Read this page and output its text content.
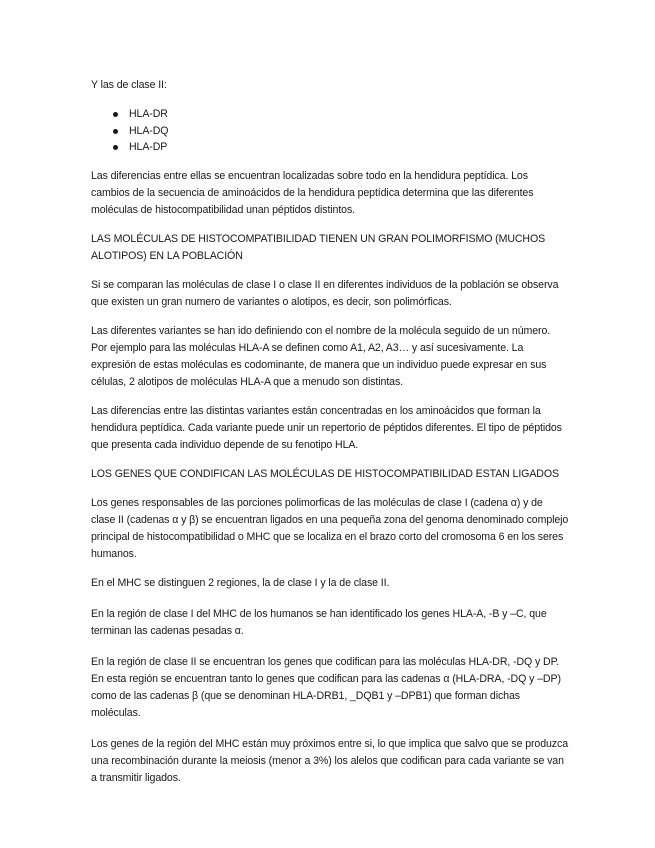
Y las de clase II:

HLA-DR
HLA-DQ
HLA-DP

Las diferencias entre ellas se encuentran localizadas sobre todo en la hendidura peptídica. Los cambios de la secuencia de aminoácidos de la hendidura peptídica determina que las diferentes moléculas de histocompatibilidad unan péptidos distintos.

LAS MOLÉCULAS DE HISTOCOMPATIBILIDAD TIENEN UN GRAN POLIMORFISMO (MUCHOS ALOTIPOS) EN LA POBLACIÓN

Si se comparan las moléculas de clase I o clase II en diferentes individuos de la población se observa que existen un gran numero de variantes o alotipos, es decir, son polimórficas.

Las diferentes variantes se han ido definiendo con el nombre de la molécula seguido de un número. Por ejemplo para las moléculas HLA-A se definen como A1, A2, A3… y así sucesivamente. La expresión de estas moléculas es codominante, de manera que un individuo puede expresar en sus células, 2 alotipos de moléculas HLA-A que a menudo son distintas.

Las diferencias entre las distintas variantes están concentradas en los aminoácidos que forman la hendidura peptídica. Cada variante puede unir un repertorio de péptidos diferentes. El tipo de péptidos que presenta cada individuo depende de su fenotipo HLA.

LOS GENES QUE CONDIFICAN LAS MOLÉCULAS DE HISTOCOMPATIBILIDAD ESTAN LIGADOS

Los genes responsables de las porciones polimorficas de las moléculas de clase I (cadena α) y de clase II (cadenas α y β) se encuentran ligados en una pequeña zona del genoma denominado complejo principal de histocompatibilidad o MHC que se localiza en el brazo corto del cromosoma 6 en los seres humanos.

En el MHC se distinguen 2 regiones, la de clase I y la de clase II.

En la región de clase I del MHC de los humanos se han identificado los genes HLA-A, -B y –C, que terminan las cadenas pesadas α.

En la región de clase II se encuentran los genes que codifican para las moléculas HLA-DR, -DQ y DP. En esta región se encuentran tanto lo genes que codifican para las cadenas α (HLA-DRA, -DQ y –DP) como de las cadenas β (que se denominan HLA-DRB1, _DQB1 y –DPB1) que forman dichas moléculas.

Los genes de la región del MHC están muy próximos entre si, lo que implica que salvo que se produzca una recombinación durante la meiosis (menor a 3%) los alelos que codifican para cada variante se van a transmitir ligados.
